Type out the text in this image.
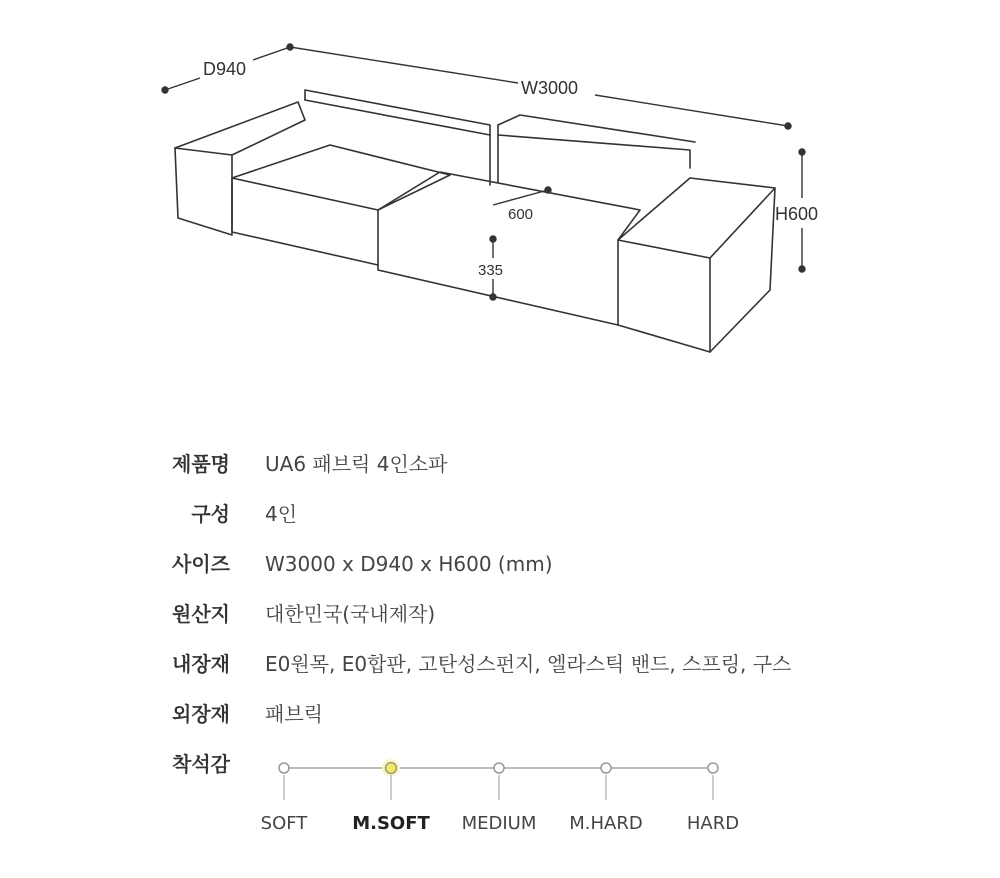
D940
W3000
H600
600
335
제품명 UA6 패브릭 4인소파
구성 4인
사이즈 W3000 x D940 x H600 (mm)
원산지 대한민국(국내제작)
내장재 E0원목, E0합판, 고탄성스펀지, 엘라스틱 밴드, 스프링, 구스
외장재 패브릭
착석감
SOFT	M.SOFT	MEDIUM	M.HARD	HARD
